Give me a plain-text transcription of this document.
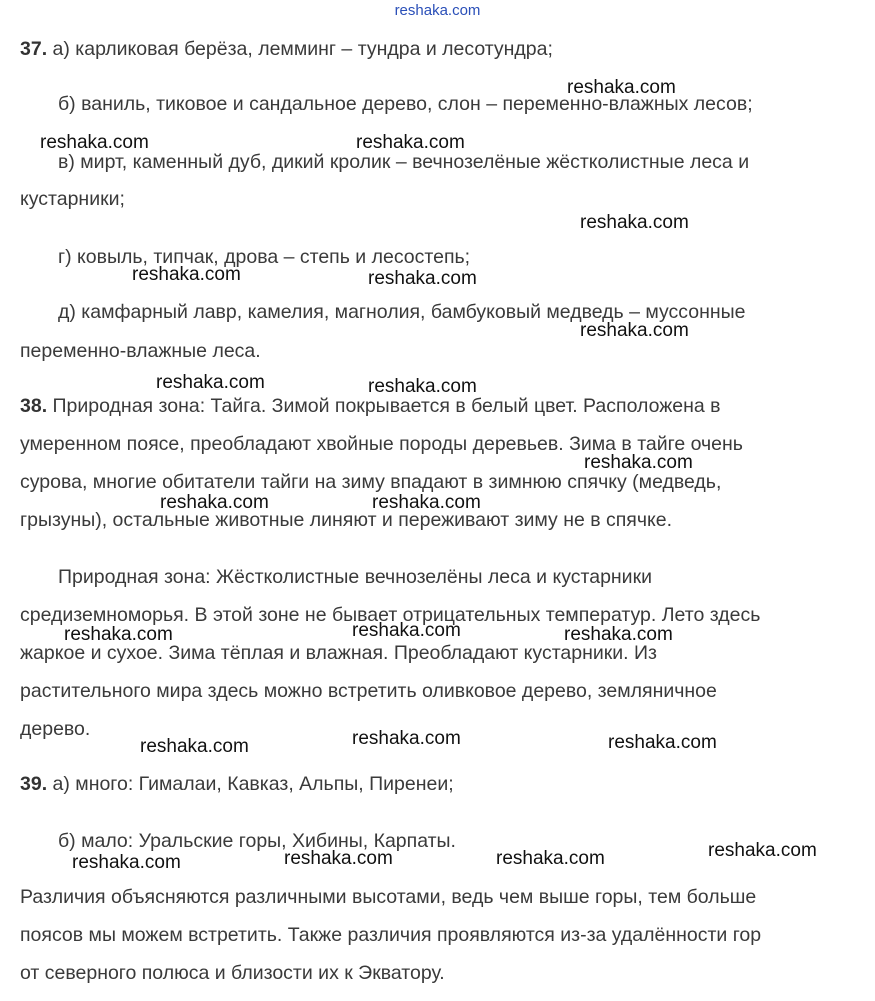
reshaka.com
37. а) карликовая берёза, лемминг – тундра и лесотундра;
б) ваниль, тиковое и сандальное дерево, слон – переменно-влажных лесов;
в) мирт, каменный дуб, дикий кролик – вечнозелёные жёстколистные леса и
кустарники;
г) ковыль, типчак, дрова – степь и лесостепь;
д) камфарный лавр, камелия, магнолия, бамбуковый медведь – муссонные
переменно-влажные леса.
38. Природная зона: Тайга. Зимой покрывается в белый цвет. Расположена в
умеренном поясе, преобладают хвойные породы деревьев. Зима в тайге очень
сурова, многие обитатели тайги на зиму впадают в зимнюю спячку (медведь,
грызуны), остальные животные линяют и переживают зиму не в спячке.
Природная зона: Жёстколистные вечнозелёны леса и кустарники
средиземноморья. В этой зоне не бывает отрицательных температур. Лето здесь
жаркое и сухое. Зима тёплая и влажная. Преобладают кустарники. Из
растительного мира здесь можно встретить оливковое дерево, земляничное
дерево.
39. а) много: Гималаи, Кавказ, Альпы, Пиренеи;
б) мало: Уральские горы, Хибины, Карпаты.
Различия объясняются различными высотами, ведь чем выше горы, тем больше
поясов мы можем встретить. Также различия проявляются из-за удалённости гор
от северного полюса и близости их к Экватору.
reshaka.com
reshaka.com	reshaka.com
reshaka.com
reshaka.com	reshaka.com
reshaka.com
reshaka.com	reshaka.com
reshaka.com
reshaka.com	reshaka.com
reshaka.com	reshaka.com	reshaka.com
reshaka.com	reshaka.com	reshaka.com
reshaka.com	reshaka.com	reshaka.com	reshaka.com
